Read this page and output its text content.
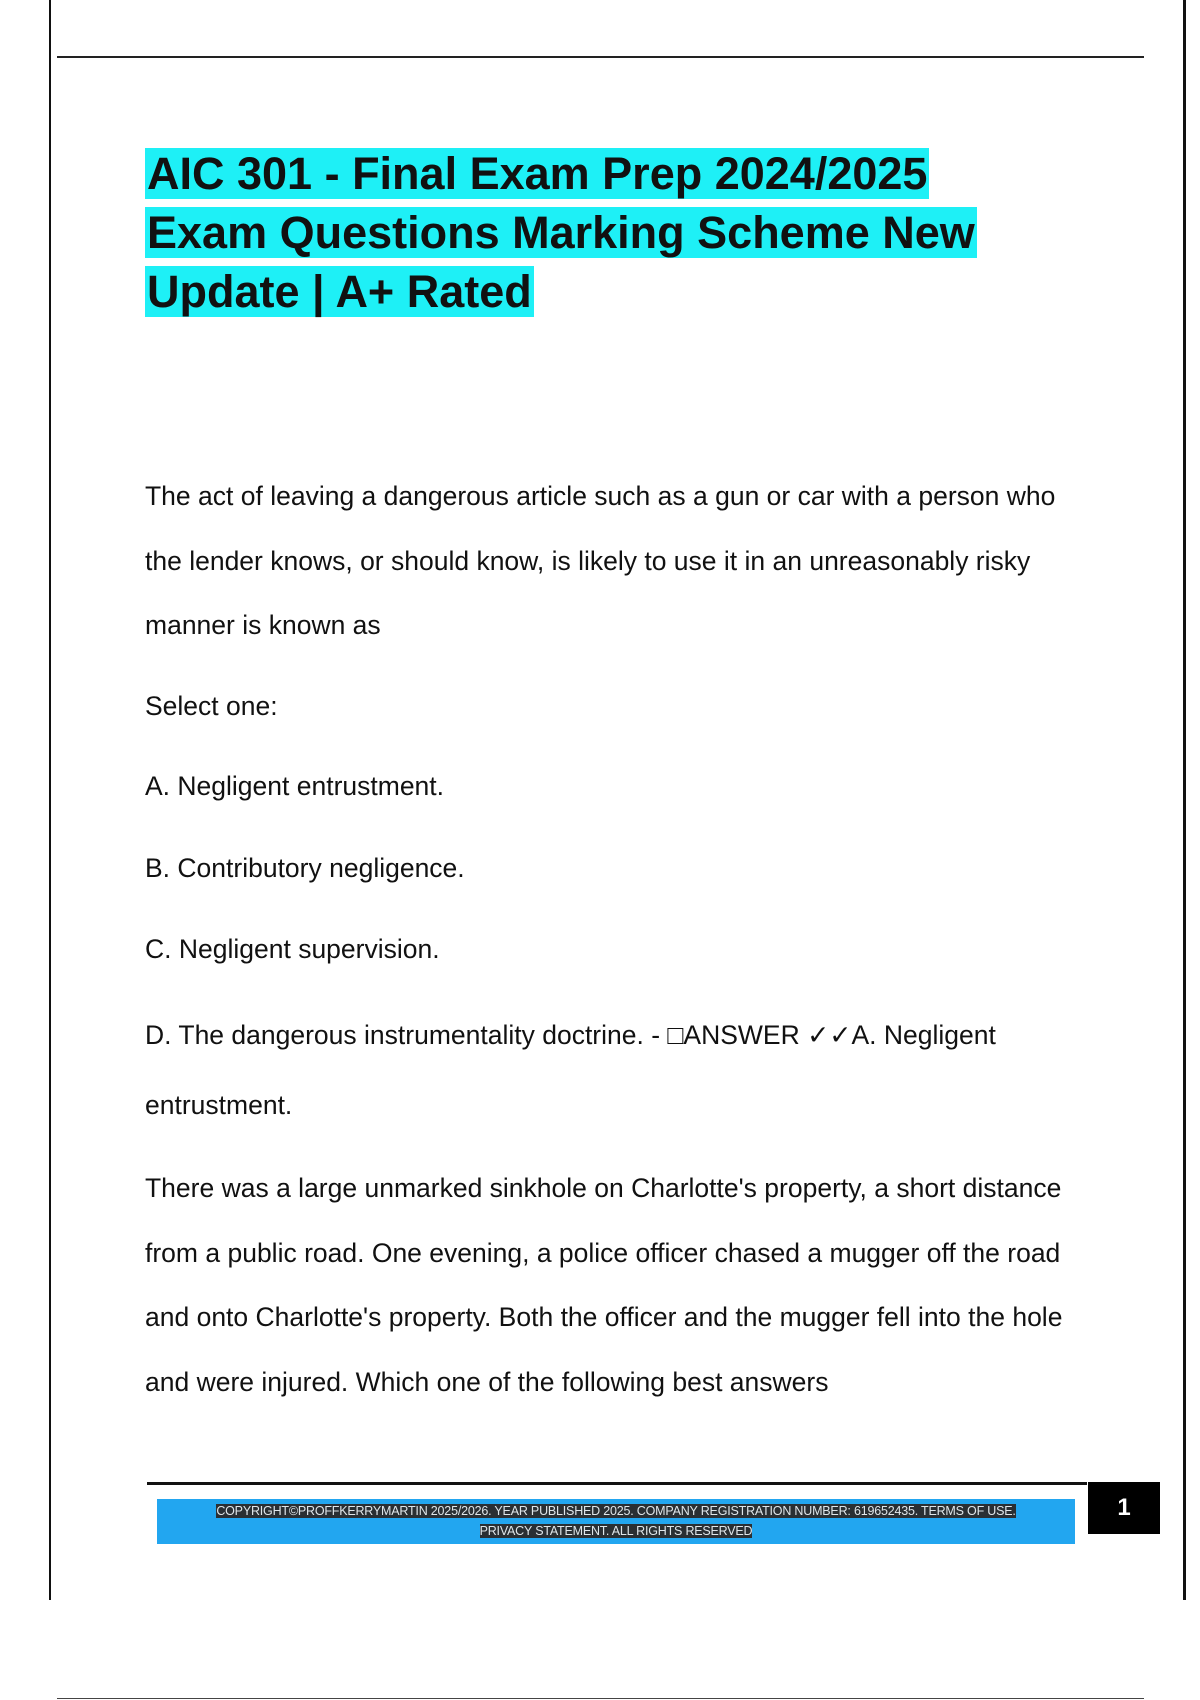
AIC 301 - Final Exam Prep 2024/2025
Exam Questions Marking Scheme New
Update | A+ Rated

The act of leaving a dangerous article such as a gun or car with a person who the lender knows, or should know, is likely to use it in an unreasonably risky manner is known as

Select one:

A. Negligent entrustment.

B. Contributory negligence.

C. Negligent supervision.

D. The dangerous instrumentality doctrine. - □ANSWER ✓✓A. Negligent entrustment.

There was a large unmarked sinkhole on Charlotte's property, a short distance from a public road. One evening, a police officer chased a mugger off the road and onto Charlotte's property. Both the officer and the mugger fell into the hole and were injured. Which one of the following best answers

COPYRIGHT©PROFFKERRYMARTIN 2025/2026. YEAR PUBLISHED 2025. COMPANY REGISTRATION NUMBER: 619652435. TERMS OF USE.
PRIVACY STATEMENT. ALL RIGHTS RESERVED
1
